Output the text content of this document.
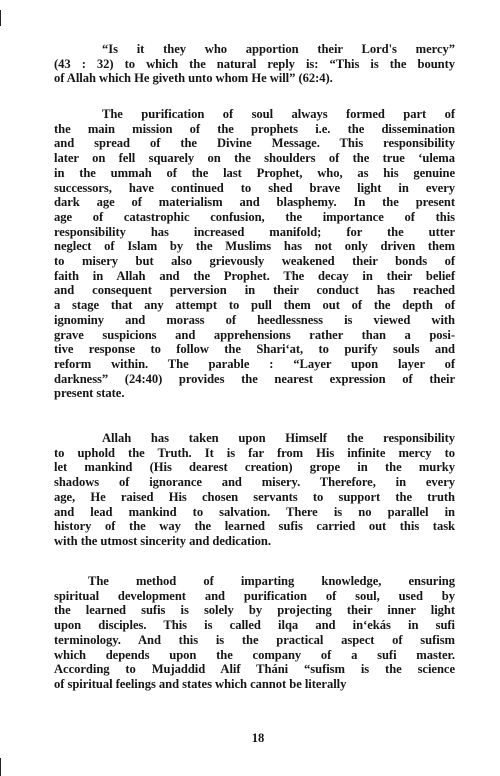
“Is it they who apportion their Lord's mercy”
(43 : 32) to which the natural reply is: “This is the bounty
of Allah which He giveth unto whom He will” (62:4).
The purification of soul always formed part of
the main mission of the prophets i.e. the dissemination
and spread of the Divine Message. This responsibility
later on fell squarely on the shoulders of the true ‘ulema
in the ummah of the last Prophet, who, as his genuine
successors, have continued to shed brave light in every
dark age of materialism and blasphemy. In the present
age of catastrophic confusion, the importance of this
responsibility has increased manifold; for the utter
neglect of Islam by the Muslims has not only driven them
to misery but also grievously weakened their bonds of
faith in Allah and the Prophet. The decay in their belief
and consequent perversion in their conduct has reached
a stage that any attempt to pull them out of the depth of
ignominy and morass of heedlessness is viewed with
grave suspicions and apprehensions rather than a posi-
tive response to follow the Shari‘at, to purify souls and
reform within. The parable : “Layer upon layer of
darkness” (24:40) provides the nearest expression of their
present state.
Allah has taken upon Himself the responsibility
to uphold the Truth. It is far from His infinite mercy to
let mankind (His dearest creation) grope in the murky
shadows of ignorance and misery. Therefore, in every
age, He raised His chosen servants to support the truth
and lead mankind to salvation. There is no parallel in
history of the way the learned sufis carried out this task
with the utmost sincerity and dedication.
The method of imparting knowledge, ensuring
spiritual development and purification of soul, used by
the learned sufis is solely by projecting their inner light
upon disciples. This is called ilqa and in‘ekás in sufi
terminology. And this is the practical aspect of sufism
which depends upon the company of a sufi master.
According to Mujaddid Alif Tháni “sufism is the science
of spiritual feelings and states which cannot be literally
18
